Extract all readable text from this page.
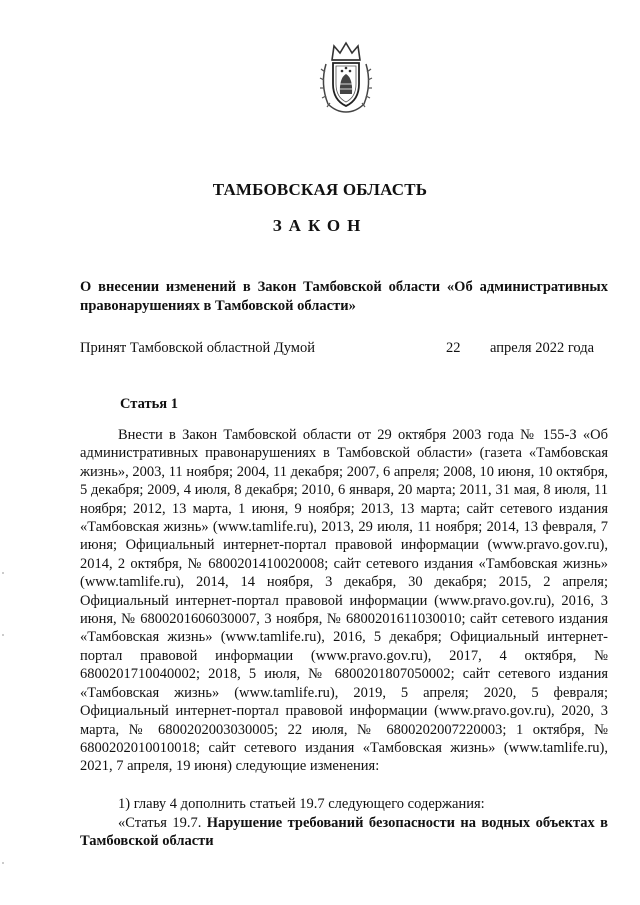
ТАМБОВСКАЯ ОБЛАСТЬ
ЗАКОН
О внесении изменений в Закон Тамбовской области «Об административных правонарушениях в Тамбовской области»
Принят Тамбовской областной Думой	22 апреля 2022 года
Статья 1

Внести в Закон Тамбовской области от 29 октября 2003 года № 155-З «Об административных правонарушениях в Тамбовской области» (газета «Тамбовская жизнь», 2003, 11 ноября; 2004, 11 декабря; 2007, 6 апреля; 2008, 10 июня, 10 октября, 5 декабря; 2009, 4 июля, 8 декабря; 2010, 6 января, 20 марта; 2011, 31 мая, 8 июля, 11 ноября; 2012, 13 марта, 1 июня, 9 ноября; 2013, 13 марта; сайт сетевого издания «Тамбовская жизнь» (www.tamlife.ru), 2013, 29 июля, 11 ноября; 2014, 13 февраля, 7 июня; Официальный интернет-портал правовой информации (www.pravo.gov.ru), 2014, 2 октября, № 6800201410020008; сайт сетевого издания «Тамбовская жизнь» (www.tamlife.ru), 2014, 14 ноября, 3 декабря, 30 декабря; 2015, 2 апреля; Официальный интернет-портал правовой информации (www.pravo.gov.ru), 2016, 3 июня, № 6800201606030007, 3 ноября, № 6800201611030010; сайт сетевого издания «Тамбовская жизнь» (www.tamlife.ru), 2016, 5 декабря; Официальный интернет-портал правовой информации (www.pravo.gov.ru), 2017, 4 октября, № 6800201710040002; 2018, 5 июля, № 6800201807050002; сайт сетевого издания «Тамбовская жизнь» (www.tamlife.ru), 2019, 5 апреля; 2020, 5 февраля; Официальный интернет-портал правовой информации (www.pravo.gov.ru), 2020, 3 марта, № 6800202003030005; 22 июля, № 6800202007220003; 1 октября, № 6800202010010018; сайт сетевого издания «Тамбовская жизнь» (www.tamlife.ru), 2021, 7 апреля, 19 июня) следующие изменения:

1) главу 4 дополнить статьей 19.7 следующего содержания:

«Статья 19.7. Нарушение требований безопасности на водных объектах в Тамбовской области
